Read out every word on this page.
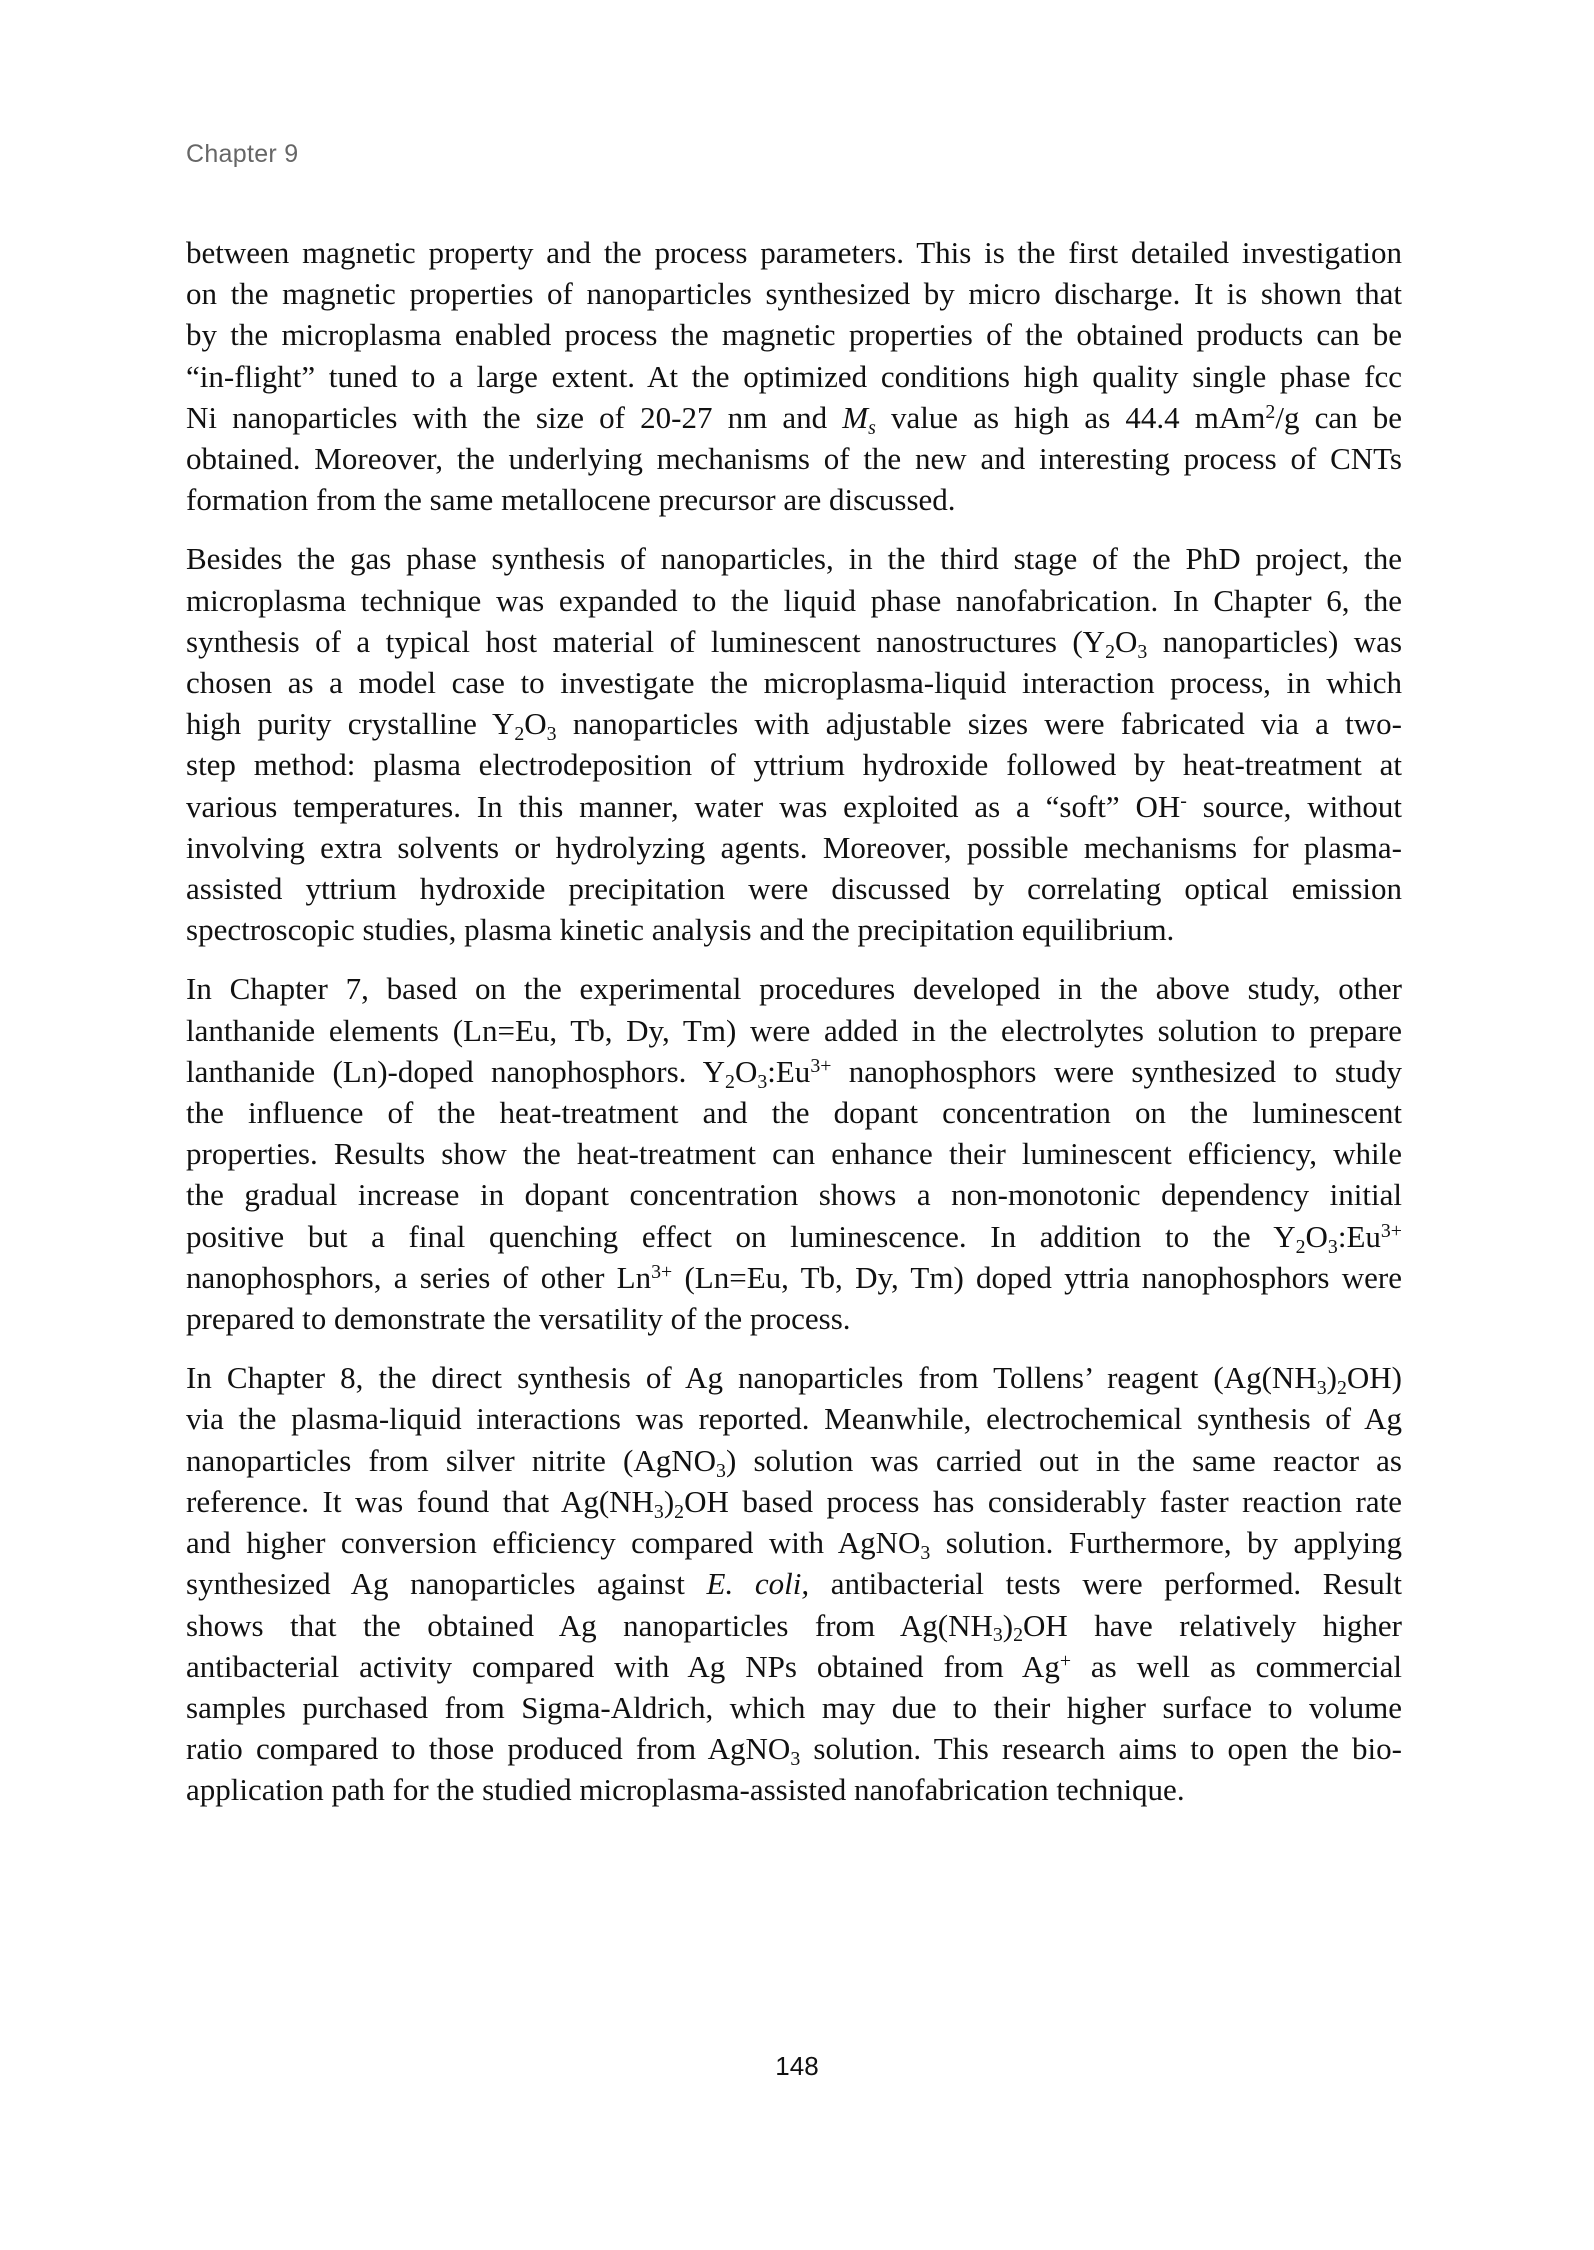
Chapter 9

between magnetic property and the process parameters. This is the first detailed investigation
on the magnetic properties of nanoparticles synthesized by micro discharge. It is shown that
by the microplasma enabled process the magnetic properties of the obtained products can be
“in-flight” tuned to a large extent. At the optimized conditions high quality single phase fcc
Ni nanoparticles with the size of 20-27 nm and $M_s$ value as high as 44.4 mAm$^2$/g can be
obtained. Moreover, the underlying mechanisms of the new and interesting process of CNTs
formation from the same metallocene precursor are discussed.

Besides the gas phase synthesis of nanoparticles, in the third stage of the PhD project, the
microplasma technique was expanded to the liquid phase nanofabrication. In Chapter 6, the
synthesis of a typical host material of luminescent nanostructures ($Y_2O_3$ nanoparticles) was
chosen as a model case to investigate the microplasma-liquid interaction process, in which
high purity crystalline $Y_2O_3$ nanoparticles with adjustable sizes were fabricated via a two-
step method: plasma electrodeposition of yttrium hydroxide followed by heat-treatment at
various temperatures. In this manner, water was exploited as a “soft” OH- source, without
involving extra solvents or hydrolyzing agents. Moreover, possible mechanisms for plasma-
assisted yttrium hydroxide precipitation were discussed by correlating optical emission
spectroscopic studies, plasma kinetic analysis and the precipitation equilibrium.

In Chapter 7, based on the experimental procedures developed in the above study, other
lanthanide elements (Ln=Eu, Tb, Dy, Tm) were added in the electrolytes solution to prepare
lanthanide (Ln)-doped nanophosphors. $Y_2O_3:Eu^{3+}$ nanophosphors were synthesized to study
the influence of the heat-treatment and the dopant concentration on the luminescent
properties. Results show the heat-treatment can enhance their luminescent efficiency, while
the gradual increase in dopant concentration shows a non-monotonic dependency initial
positive but a final quenching effect on luminescence. In addition to the $Y_2O_3:Eu^{3+}$
nanophosphors, a series of other $Ln^{3+}$ (Ln=Eu, Tb, Dy, Tm) doped yttria nanophosphors were
prepared to demonstrate the versatility of the process.

In Chapter 8, the direct synthesis of Ag nanoparticles from Tollens’ reagent $(Ag(NH_3)_2OH)$
via the plasma-liquid interactions was reported. Meanwhile, electrochemical synthesis of Ag
nanoparticles from silver nitrite (AgNO$_3$) solution was carried out in the same reactor as
reference. It was found that $Ag(NH_3)_2OH$ based process has considerably faster reaction rate
and higher conversion efficiency compared with AgNO$_3$ solution. Furthermore, by applying
synthesized Ag nanoparticles against E. coli, antibacterial tests were performed. Result
shows that the obtained Ag nanoparticles from $Ag(NH_3)_2OH$ have relatively higher
antibacterial activity compared with Ag NPs obtained from Ag+ as well as commercial
samples purchased from Sigma-Aldrich, which may due to their higher surface to volume
ratio compared to those produced from AgNO$_3$ solution. This research aims to open the bio-
application path for the studied microplasma-assisted nanofabrication technique.

148
